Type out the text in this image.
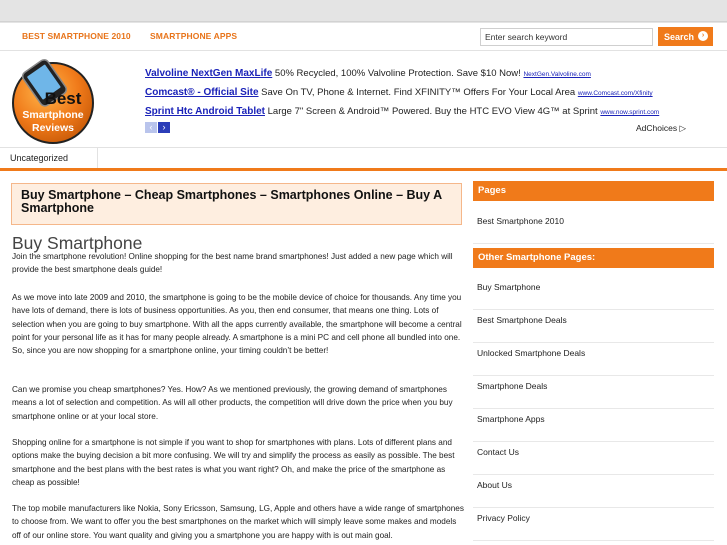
BEST SMARTPHONE 2010 SMARTPHONE APPS
Enter search keyword	Search	›
Best
Smartphone
Reviews
Valvoline NextGen MaxLife 50% Recycled, 100% Valvoline Protection. Save $10 Now! NextGen.Valvoline.com
Comcast® - Official Site Save On TV, Phone & Internet. Find XFINITY™ Offers For Your Local Area www.Comcast.com/Xfinity
Sprint Htc Android Tablet Large 7" Screen & Android™ Powered. Buy the HTC EVO View 4G™ at Sprint www.now.sprint.com
‹	›	AdChoices ▷
Uncategorized
Buy Smartphone – Cheap Smartphones – Smartphones Online – Buy A Smartphone
Buy Smartphone

Join the smartphone revolution! Online shopping for the best name brand smartphones! Just added a new page which will provide the best smartphone deals guide!

As we move into late 2009 and 2010, the smartphone is going to be the mobile device of choice for thousands. Any time you have lots of demand, there is lots of business opportunities. As you, then end consumer, that means one thing. Lots of selection when you are going to buy smartphone. With all the apps currently available, the smartphone will become a central point for your personal life as it has for many people already. A smartphone is a mini PC and cell phone all bundled into one. So, since you are now shopping for a smartphone online, your timing couldn’t be better!

Can we promise you cheap smartphones? Yes. How? As we mentioned previously, the growing demand of smartphones means a lot of selection and competition. As will all other products, the competition will drive down the price when you buy smartphone online or at your local store.

Shopping online for a smartphone is not simple if you want to shop for smartphones with plans. Lots of different plans and options make the buying decision a bit more confusing. We will try and simplify the process as easily as possible. The best smartphone and the best plans with the best rates is what you want right? Oh, and make the price of the smartphone as cheap as possible!

The top mobile manufacturers like Nokia, Sony Ericsson, Samsung, LG, Apple and others have a wide range of smartphones to choose from. We want to offer you the best smartphones on the market which will simply leave some makes and models off of our online store. You want quality and giving you a smartphone you are happy with is out main goal.

Pages
Best Smartphone 2010
Other Smartphone Pages:
Buy Smartphone
Best Smartphone Deals
Unlocked Smartphone Deals
Smartphone Deals
Smartphone Apps
Contact Us
About Us
Privacy Policy
